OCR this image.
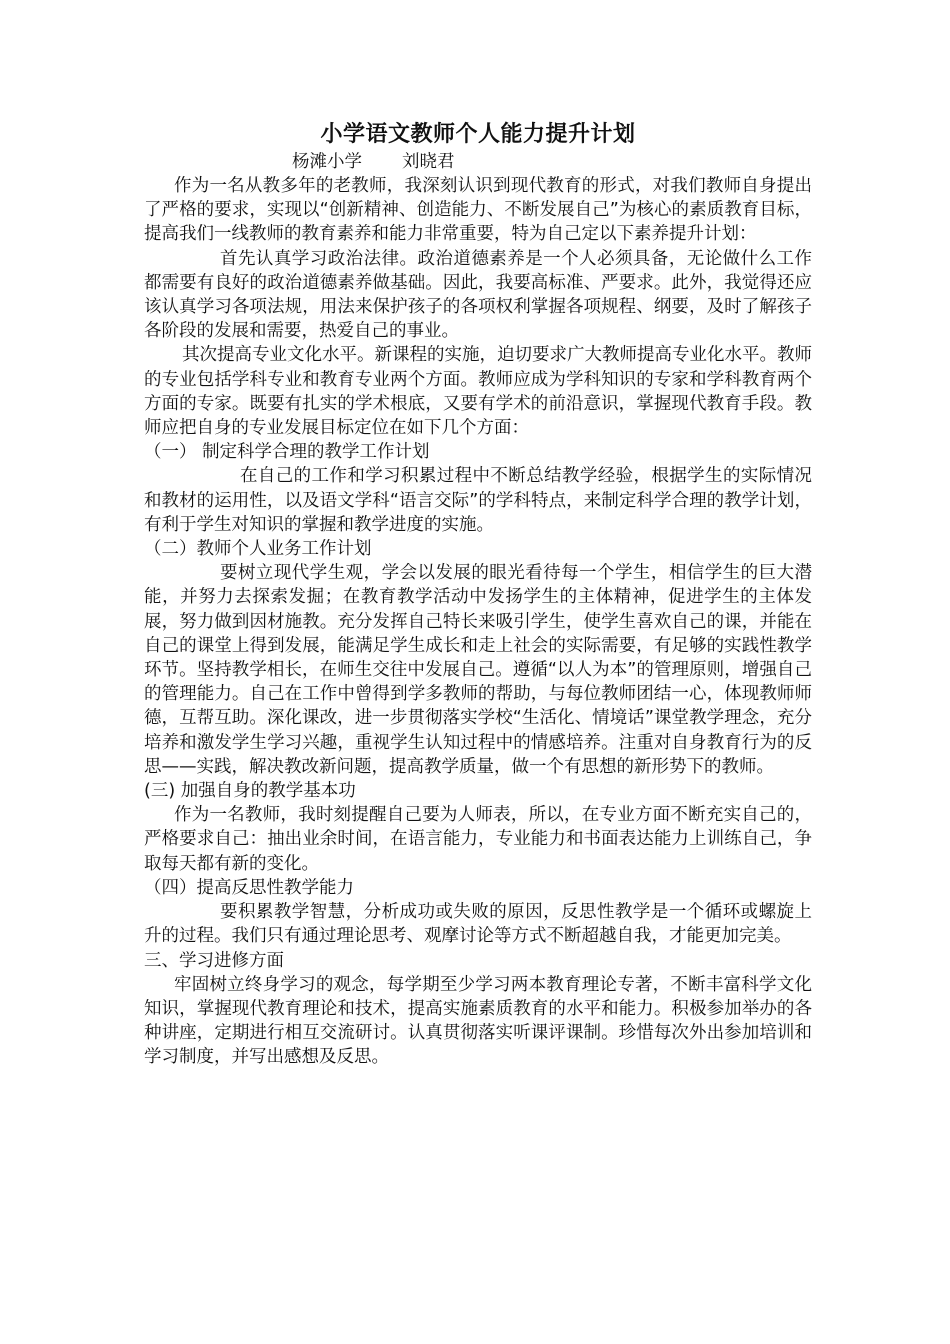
小学语文教师个人能力提升计划
杨滩小学 刘晓君

作为一名从教多年的老教师，我深刻认识到现代教育的形式，对我们教师自身提出了严格的要求，实现以“创新精神、创造能力、不断发展自己”为核心的素质教育目标，提高我们一线教师的教育素养和能力非常重要，特为自己定以下素养提升计划：

首先认真学习政治法律。政治道德素养是一个人必须具备，无论做什么工作都需要有良好的政治道德素养做基础。因此，我要高标准、严要求。此外，我觉得还应该认真学习各项法规，用法来保护孩子的各项权利掌握各项规程、纲要，及时了解孩子各阶段的发展和需要，热爱自己的事业。

其次提高专业文化水平。新课程的实施，迫切要求广大教师提高专业化水平。教师的专业包括学科专业和教育专业两个方面。教师应成为学科知识的专家和学科教育两个方面的专家。既要有扎实的学术根底，又要有学术的前沿意识，掌握现代教育手段。教师应把自身的专业发展目标定位在如下几个方面：

（一） 制定科学合理的教学工作计划

在自己的工作和学习积累过程中不断总结教学经验，根据学生的实际情况和教材的运用性，以及语文学科“语言交际”的学科特点，来制定科学合理的教学计划，有利于学生对知识的掌握和教学进度的实施。

（二）教师个人业务工作计划

要树立现代学生观，学会以发展的眼光看待每一个学生，相信学生的巨大潜能，并努力去探索发掘；在教育教学活动中发扬学生的主体精神，促进学生的主体发展，努力做到因材施教。充分发挥自己特长来吸引学生，使学生喜欢自己的课，并能在自己的课堂上得到发展，能满足学生成长和走上社会的实际需要，有足够的实践性教学环节。坚持教学相长，在师生交往中发展自己。遵循“以人为本”的管理原则，增强自己的管理能力。自己在工作中曾得到学多教师的帮助，与每位教师团结一心，体现教师师德，互帮互助。深化课改，进一步贯彻落实学校“生活化、情境话”课堂教学理念，充分培养和激发学生学习兴趣，重视学生认知过程中的情感培养。注重对自身教育行为的反思——实践，解决教改新问题，提高教学质量，做一个有思想的新形势下的教师。

(三) 加强自身的教学基本功

作为一名教师，我时刻提醒自己要为人师表，所以，在专业方面不断充实自己的，严格要求自己：抽出业余时间，在语言能力，专业能力和书面表达能力上训练自己，争取每天都有新的变化。

（四）提高反思性教学能力

要积累教学智慧，分析成功或失败的原因，反思性教学是一个循环或螺旋上升的过程。我们只有通过理论思考、观摩讨论等方式不断超越自我，才能更加完美。

三、学习进修方面

牢固树立终身学习的观念，每学期至少学习两本教育理论专著，不断丰富科学文化知识，掌握现代教育理论和技术，提高实施素质教育的水平和能力。积极参加举办的各种讲座，定期进行相互交流研讨。认真贯彻落实听课评课制。珍惜每次外出参加培训和学习制度，并写出感想及反思。
